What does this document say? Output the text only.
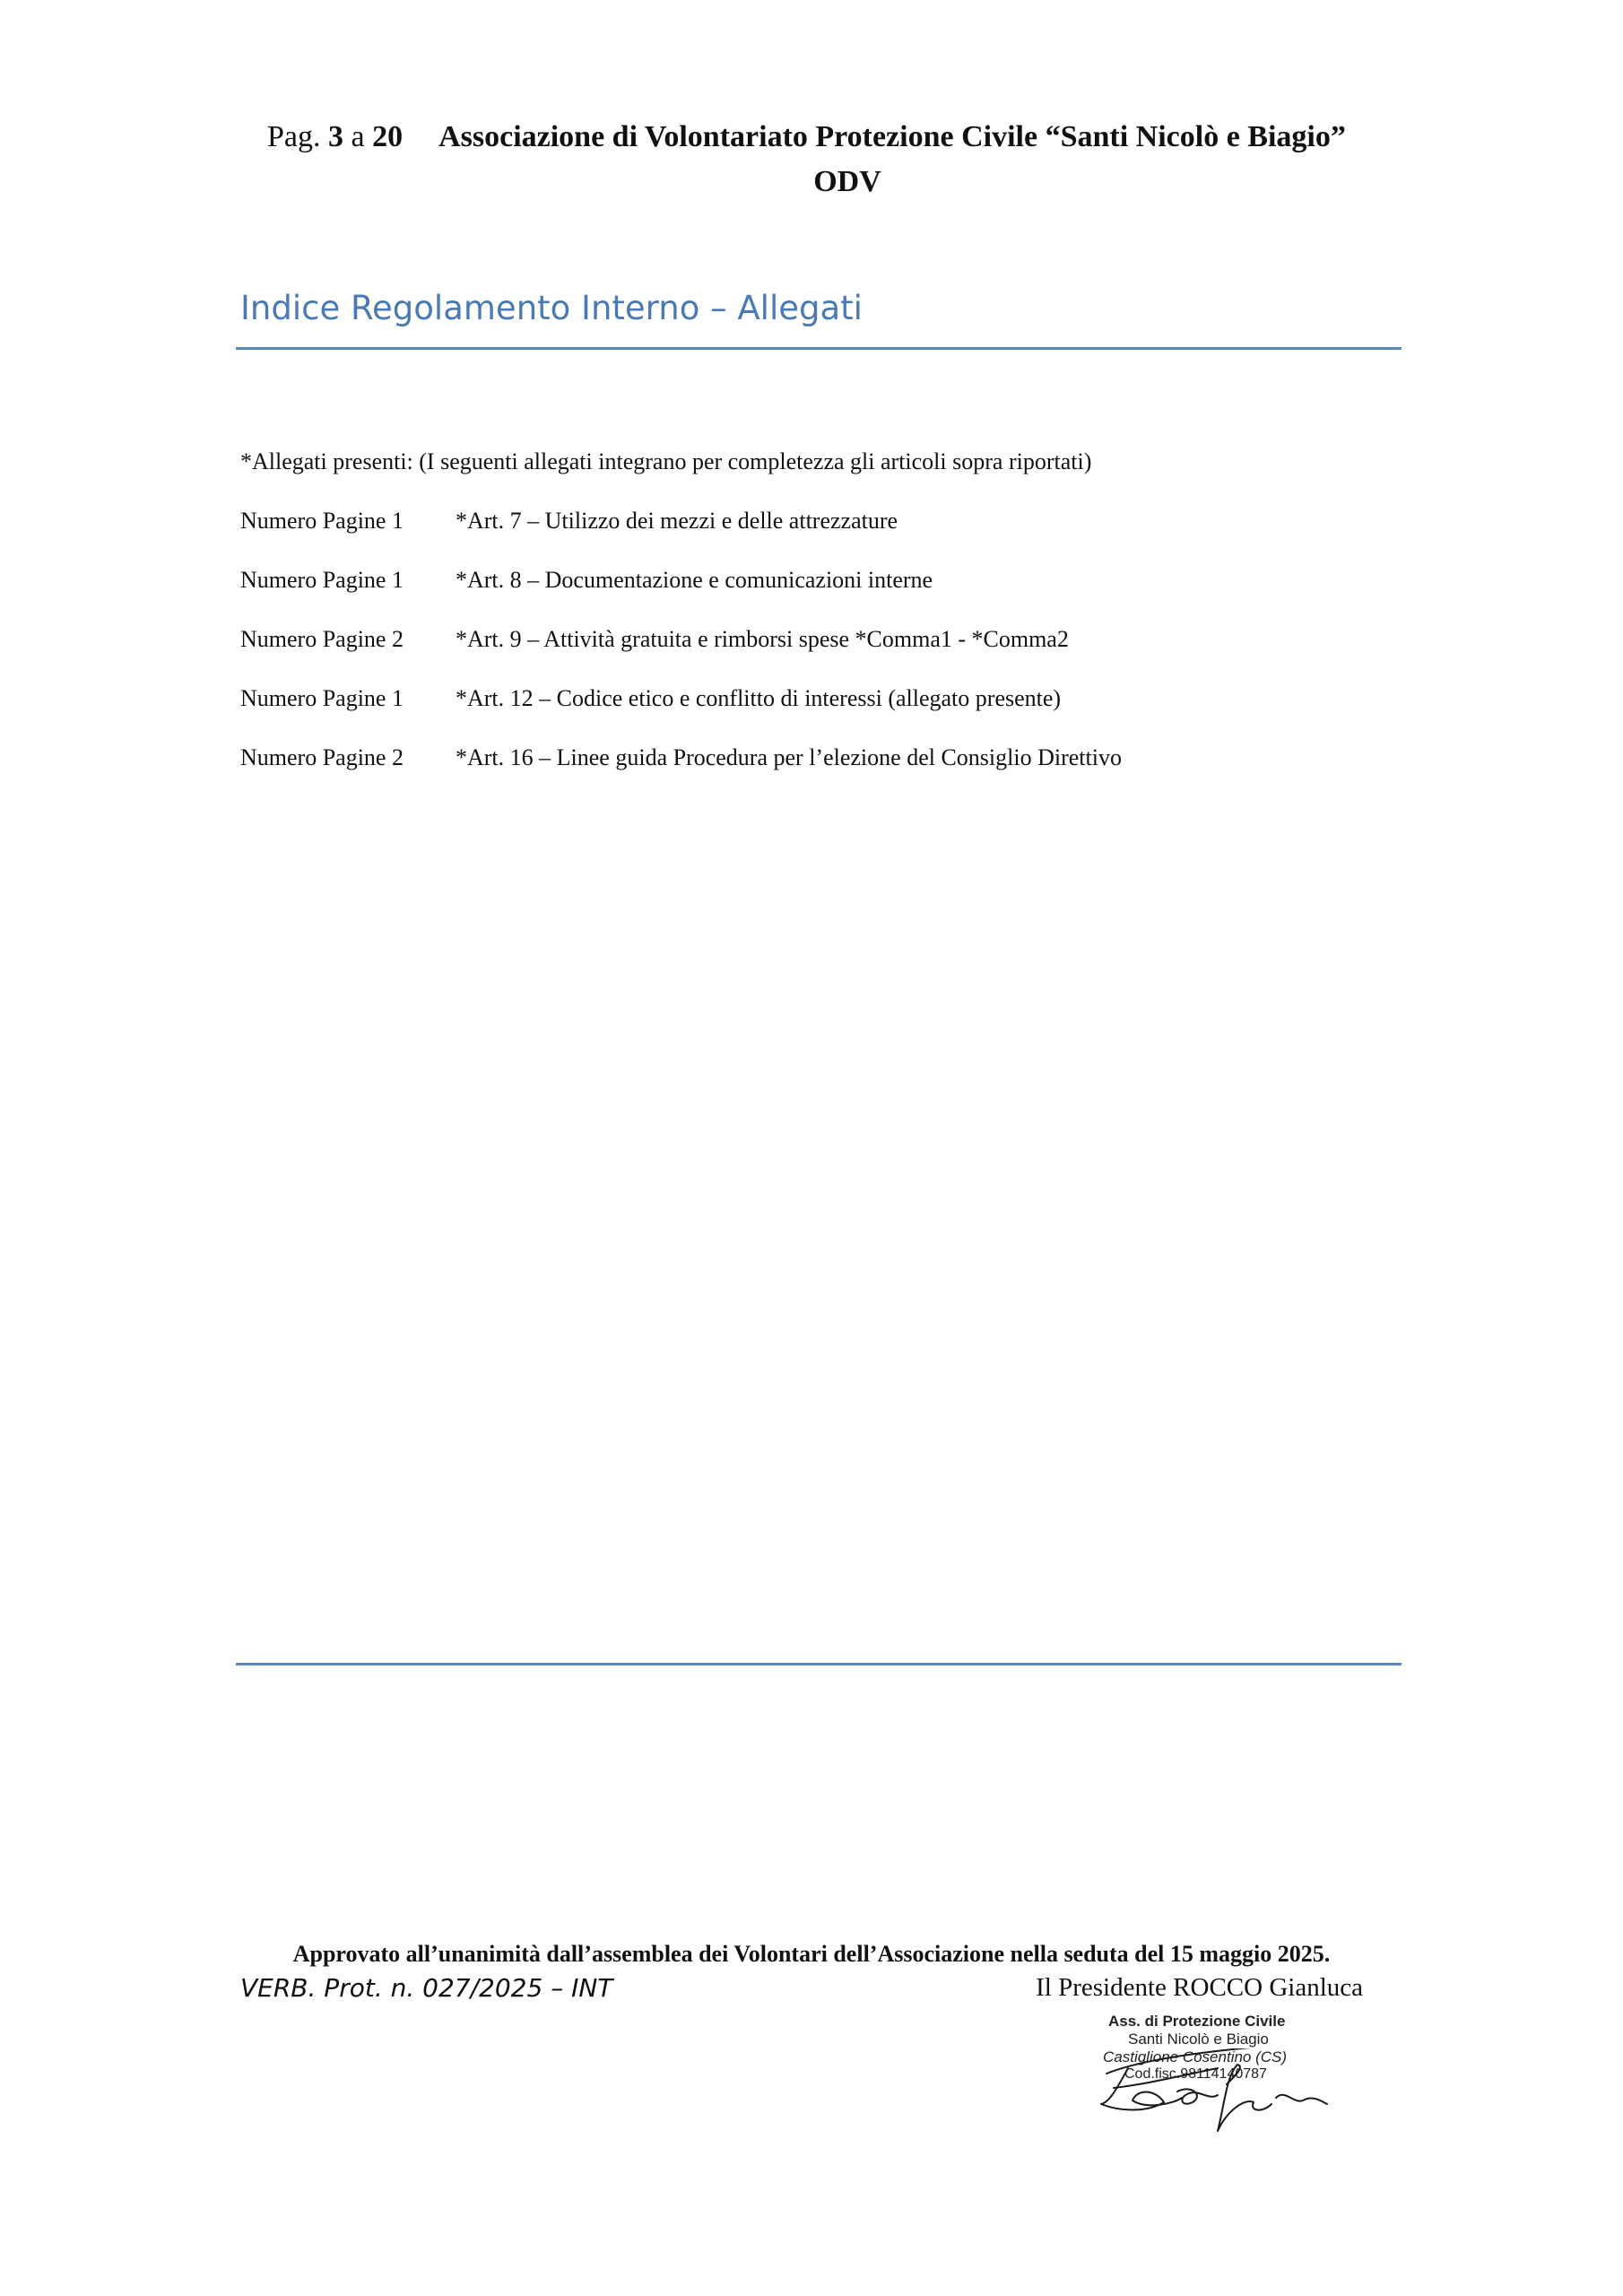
Pag. 3 a 20 Associazione di Volontariato Protezione Civile “Santi Nicolò e Biagio”
ODV
Indice Regolamento Interno – Allegati
*Allegati presenti: (I seguenti allegati integrano per completezza gli articoli sopra riportati)
Numero Pagine 1	*Art. 7 – Utilizzo dei mezzi e delle attrezzature
Numero Pagine 1	*Art. 8 – Documentazione e comunicazioni interne
Numero Pagine 2	*Art. 9 – Attività gratuita e rimborsi spese *Comma1 - *Comma2
Numero Pagine 1	*Art. 12 – Codice etico e conflitto di interessi (allegato presente)
Numero Pagine 2	*Art. 16 – Linee guida Procedura per l’elezione del Consiglio Direttivo
Approvato all’unanimità dall’assemblea dei Volontari dell’Associazione nella seduta del 15 maggio 2025.
VERB. Prot. n. 027/2025 – INT	Il Presidente ROCCO Gianluca
Ass. di Protezione Civile
Santi Nicolò e Biagio
Castiglione Cosentino (CS)
Cod.fisc.98114140787
